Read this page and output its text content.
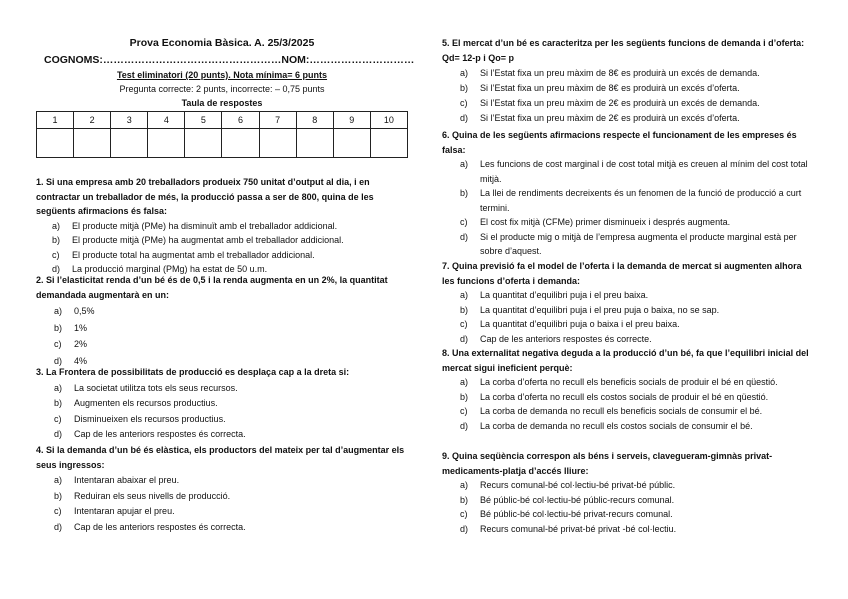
Prova Economia Bàsica. A. 25/3/2025
COGNOMS:……………………………………………NOM:…………………………
Test eliminatori (20 punts). Nota mínima= 6 punts
Pregunta correcte: 2 punts, incorrecte: – 0,75 punts
Taula de respostes
1	2	3	4	5	6	7	8	9	10

1. Si una empresa amb 20 treballadors produeix 750 unitat d’output al dia, i en contractar un treballador de més, la producció passa a ser de 800, quina de les següents afirmacions és falsa:
a)	El producte mitjà (PMe) ha disminuït amb el treballador addicional.
b)	El producte mitjà (PMe) ha augmentat amb el treballador addicional.
c)	El producte total ha augmentat amb el treballador addicional.
d)	La producció marginal (PMg) ha estat de 50 u.m.
2. Si l’elasticitat renda d’un bé és de 0,5 i la renda augmenta en un 2%, la quantitat demandada augmentarà en un:
a)	0,5%
b)	1%
c)	2%
d)	4%
3. La Frontera de possibilitats de producció es desplaça cap a la dreta si:
a)	La societat utilitza tots els seus recursos.
b)	Augmenten els recursos productius.
c)	Disminueixen els recursos productius.
d)	Cap de les anteriors respostes és correcta.
4. Si la demanda d’un bé és elàstica, els productors del mateix per tal d’augmentar els seus ingressos:
a)	Intentaran abaixar el preu.
b)	Reduiran els seus nivells de producció.
c)	Intentaran apujar el preu.
d)	Cap de les anteriors respostes és correcta.
5. El mercat d’un bé es caracteritza per les següents funcions de demanda i d’oferta: Qd= 12-p i Qo= p
a)	Si l’Estat fixa un preu màxim de 8€ es produirà un excés de demanda.
b)	Si l’Estat fixa un preu màxim de 8€ es produirà un excés d’oferta.
c)	Si l’Estat fixa un preu màxim de 2€ es produirà un excés de demanda.
d)	Si l’Estat fixa un preu màxim de 2€ es produirà un excés d’oferta.
6. Quina de les següents afirmacions respecte el funcionament de les empreses és falsa:
a)	Les funcions de cost marginal i de cost total mitjà es creuen al mínim del cost total mitjà.
b)	La llei de rendiments decreixents és un fenomen de la funció de producció a curt termini.
c)	El cost fix mitjà (CFMe) primer disminueix i després augmenta.
d)	Si el producte mig o mitjà de l’empresa augmenta el producte marginal està per sobre d’aquest.
7. Quina previsió fa el model de l’oferta i la demanda de mercat si augmenten alhora les funcions d’oferta i demanda:
a)	La quantitat d’equilibri puja i el preu baixa.
b)	La quantitat d’equilibri puja i el preu puja o baixa, no se sap.
c)	La quantitat d’equilibri puja o baixa i el preu baixa.
d)	Cap de les anteriors respostes és correcte.
8. Una externalitat negativa deguda a la producció d’un bé, fa que l’equilibri inicial del mercat sigui ineficient perquè:
a)	La corba d’oferta no recull els beneficis socials de produir el bé en qüestió.
b)	La corba d’oferta no recull els costos socials de produir el bé en qüestió.
c)	La corba de demanda no recull els beneficis socials de consumir el bé.
d)	La corba de demanda no recull els costos socials de consumir el bé.
9. Quina seqüència correspon als béns i serveis, clavegueram-gimnàs privat-medicaments-platja d’accés lliure:
a)	Recurs comunal-bé col·lectiu-bé privat-bé públic.
b)	Bé públic-bé col·lectiu-bé públic-recurs comunal.
c)	Bé públic-bé col·lectiu-bé privat-recurs comunal.
d)	Recurs comunal-bé privat-bé privat -bé col·lectiu.
